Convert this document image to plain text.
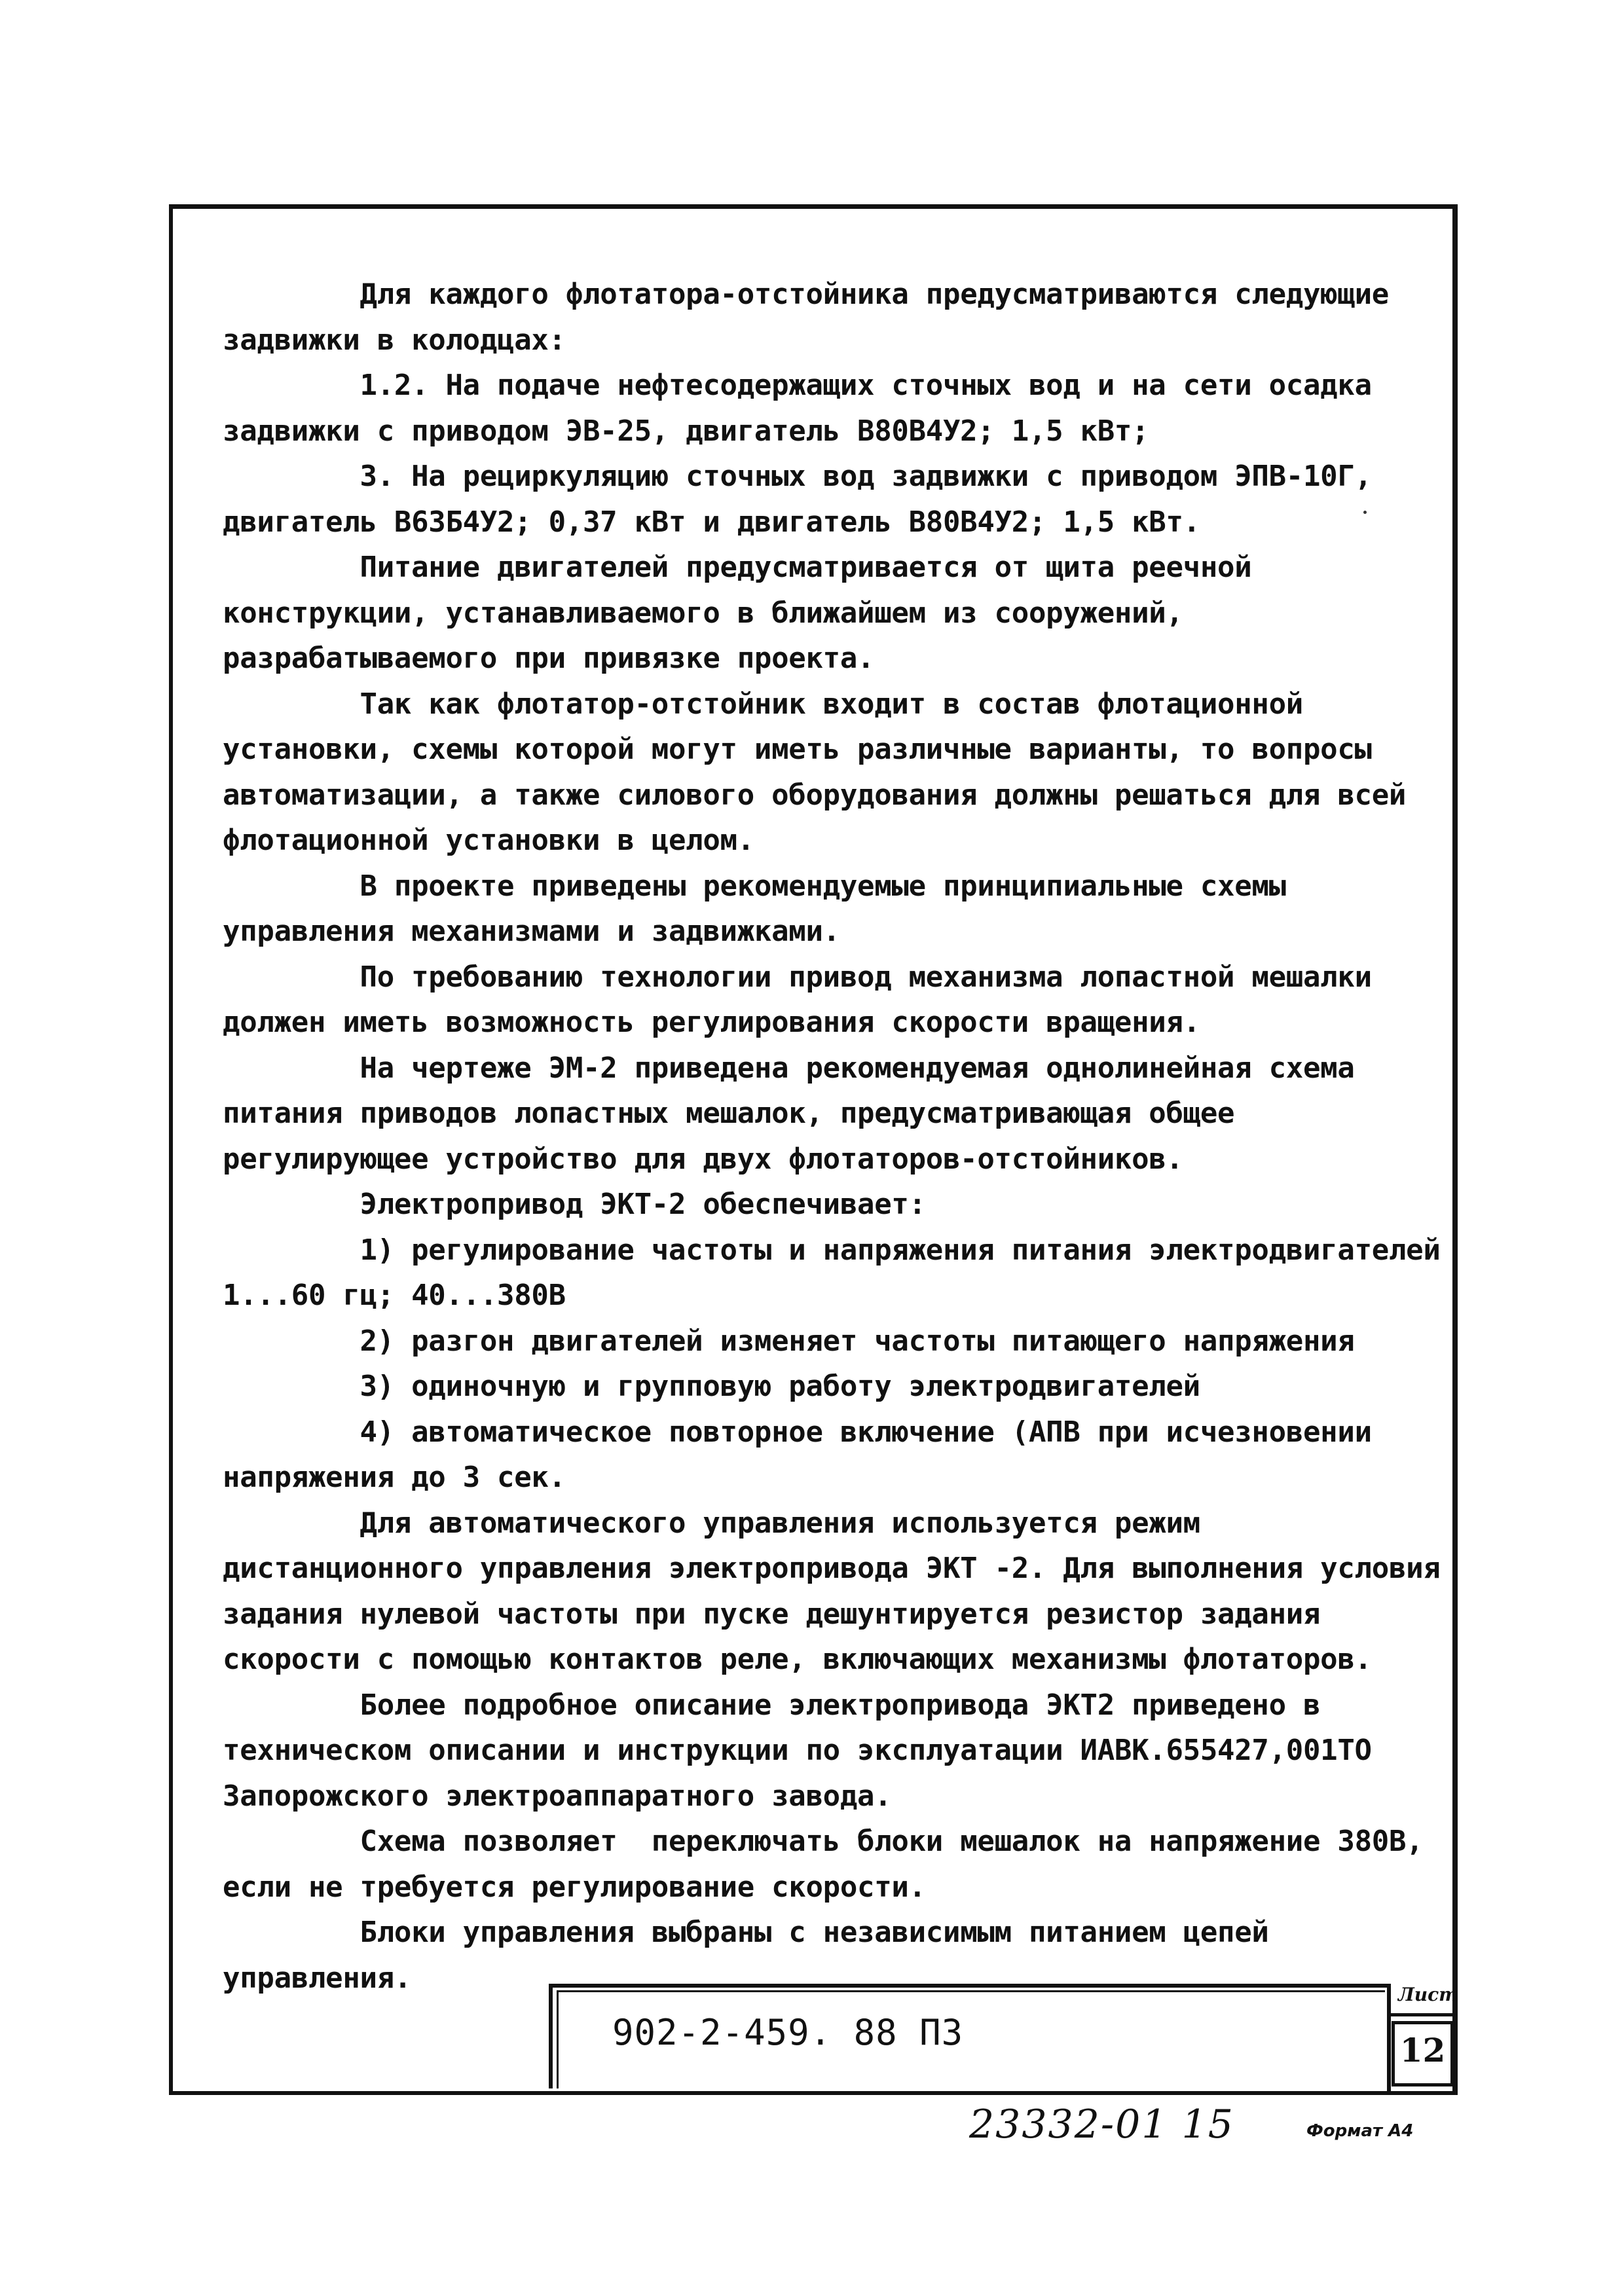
Для каждого флотатора-отстойника предусматриваются следующие задвижки в колодцах:

1.2. На подаче нефтесодержащих сточных вод и на сети осадка задвижки с приводом ЭВ-25, двигатель В80В4У2; 1,5 кВт;

3. На рециркуляцию сточных вод задвижки с приводом ЭПВ-10Г, двигатель В63Б4У2; 0,37 кВт и двигатель В80В4У2; 1,5 кВт.

Питание двигателей предусматривается от щита реечной конструкции, устанавливаемого в ближайшем из сооружений, разрабатываемого при привязке проекта.

Так как флотатор-отстойник входит в состав флотационной установки, схемы которой могут иметь различные варианты, то вопросы автоматизации, а также силового оборудования должны решаться для всей флотационной установки в целом.

В проекте приведены рекомендуемые принципиальные схемы управления механизмами и задвижками.

По требованию технологии привод механизма лопастной мешалки должен иметь возможность регулирования скорости вращения.

На чертеже ЭМ-2 приведена рекомендуемая однолинейная схема питания приводов лопастных мешалок, предусматривающая общее регулирующее устройство для двух флотаторов-отстойников.

Электропривод ЭКТ-2 обеспечивает:

1) регулирование частоты и напряжения питания электродвигателей 1...60 гц; 40...380В

2) разгон двигателей изменяет частоты питающего напряжения

3) одиночную и групповую работу электродвигателей

4) автоматическое повторное включение (АПВ при исчезновении напряжения до 3 сек.

Для автоматического управления используется режим дистанционного управления электропривода ЭКТ -2. Для выполнения условия задания нулевой частоты при пуске дешунтируется резистор задания скорости с помощью контактов реле, включающих механизмы флотаторов.

Более подробное описание электропривода ЭКТ2 приведено в техническом описании и инструкции по эксплуатации ИАВК.655427,001ТО Запорожского электроаппаратного завода.

Схема позволяет  переключать блоки мешалок на напряжение 380В, если не требуется регулирование скорости.

Блоки управления выбраны с независимым питанием цепей управления.

902-2-459. 88 ПЗ
Лист
12
23332-01 15	Формат А4
